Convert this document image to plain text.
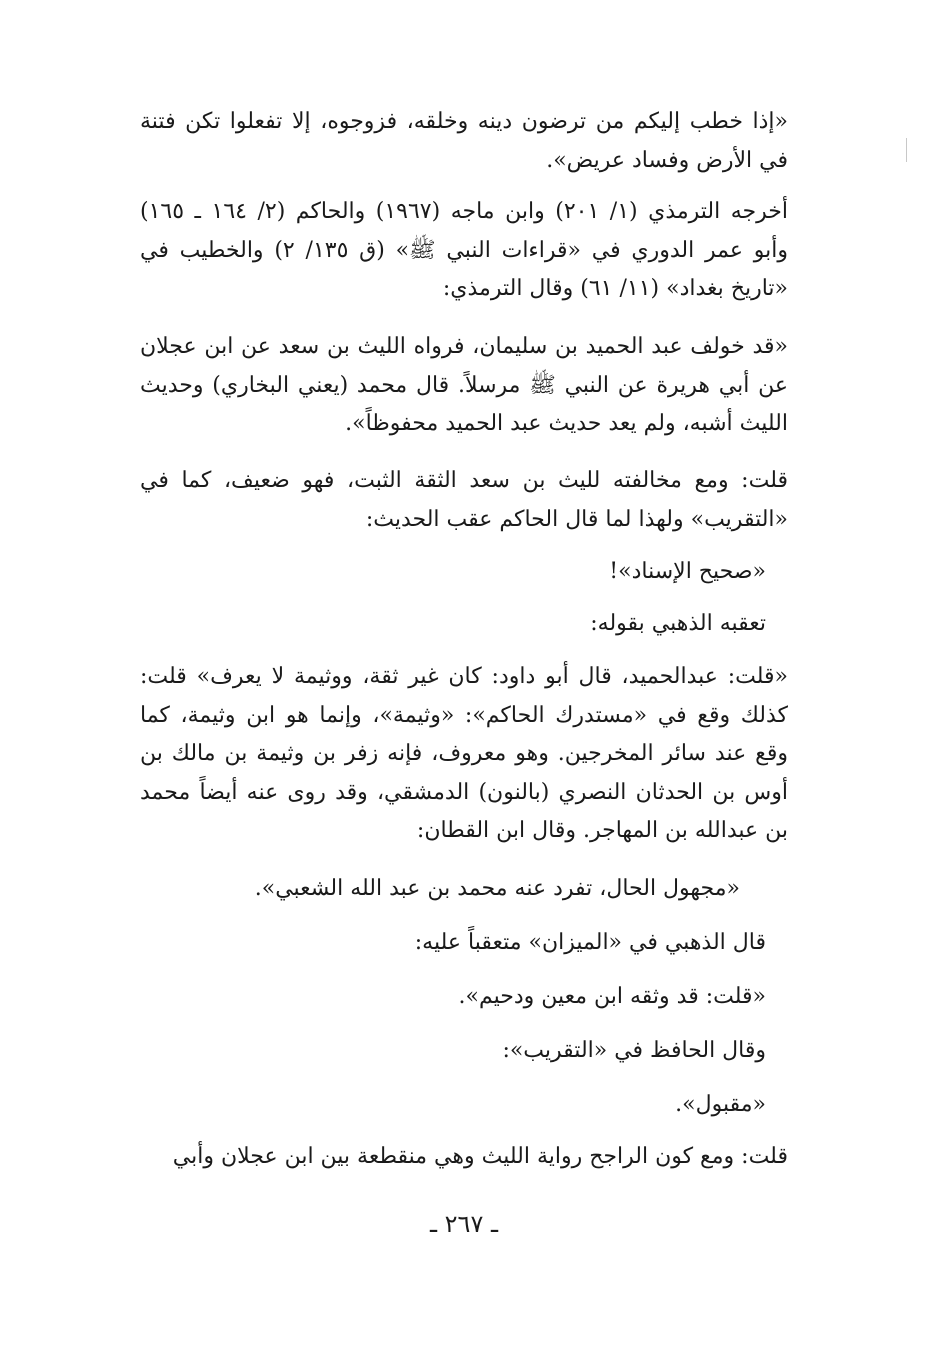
«إذا خطب إليكم من ترضون دينه وخلقه، فزوجوه، إلا تفعلوا تكن فتنة في الأرض وفساد عريض».

أخرجه الترمذي (١/ ٢٠١) وابن ماجه (١٩٦٧) والحاكم (٢/ ١٦٤ ـ ١٦٥) وأبو عمر الدوري في «قراءات النبي ﷺ» (ق ١٣٥/ ٢) والخطيب في «تاريخ بغداد» (١١/ ٦١) وقال الترمذي:

«قد خولف عبد الحميد بن سليمان، فرواه الليث بن سعد عن ابن عجلان عن أبي هريرة عن النبي ﷺ مرسلاً. قال محمد (يعني البخاري) وحديث الليث أشبه، ولم يعد حديث عبد الحميد محفوظاً».

قلت: ومع مخالفته لليث بن سعد الثقة الثبت، فهو ضعيف، كما في «التقريب» ولهذا لما قال الحاكم عقب الحديث:

«صحيح الإسناد»!

تعقبه الذهبي بقوله:

«قلت: عبدالحميد، قال أبو داود: كان غير ثقة، ووثيمة لا يعرف» قلت: كذلك وقع في «مستدرك الحاكم»: «وثيمة»، وإنما هو ابن وثيمة، كما وقع عند سائر المخرجين. وهو معروف، فإنه زفر بن وثيمة بن مالك بن أوس بن الحدثان النصري (بالنون) الدمشقي، وقد روى عنه أيضاً محمد بن عبدالله بن المهاجر. وقال ابن القطان:

«مجهول الحال، تفرد عنه محمد بن عبد الله الشعبي».

قال الذهبي في «الميزان» متعقباً عليه:

«قلت: قد وثقه ابن معين ودحيم».

وقال الحافظ في «التقريب»:

«مقبول».

قلت: ومع كون الراجح رواية الليث وهي منقطعة بين ابن عجلان وأبي

ـ ٢٦٧ ـ
